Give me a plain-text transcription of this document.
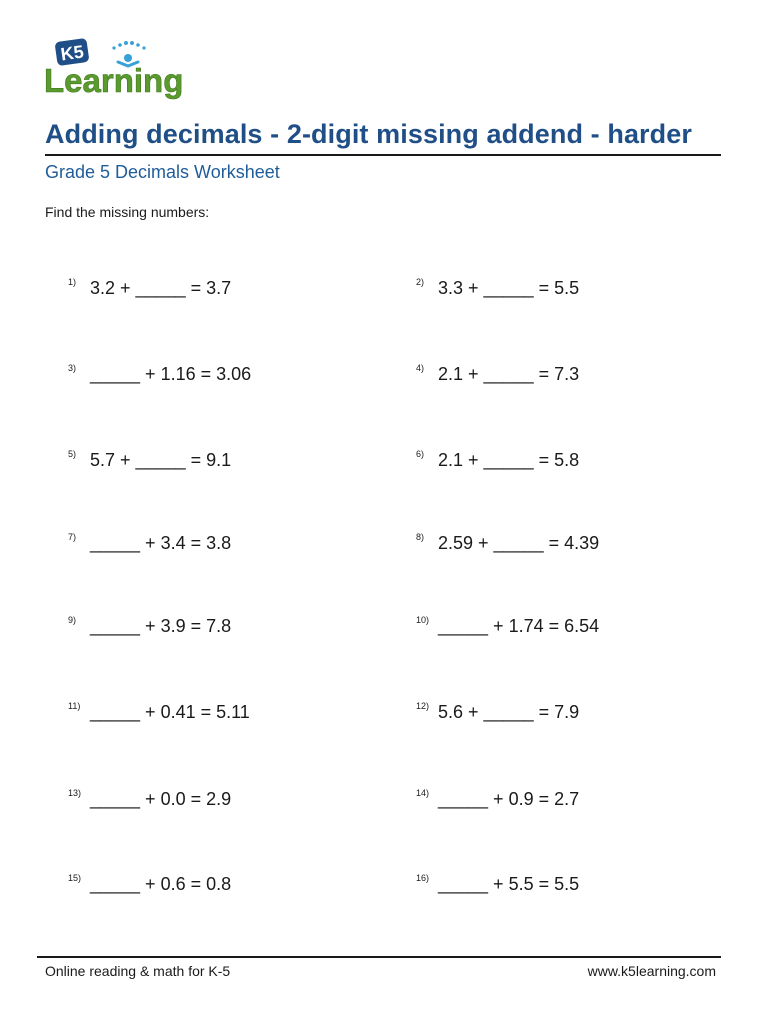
K5
Learning
Adding decimals - 2-digit missing addend - harder
Grade 5 Decimals Worksheet
Find the missing numbers:
1) 3.2 + _____ = 3.7	2) 3.3 + _____ = 5.5
3) _____ + 1.16 = 3.06	4) 2.1 + _____ = 7.3
5) 5.7 + _____ = 9.1	6) 2.1 + _____ = 5.8
7) _____ + 3.4 = 3.8	8) 2.59 + _____ = 4.39
9) _____ + 3.9 = 7.8	10) _____ + 1.74 = 6.54
11) _____ + 0.41 = 5.11	12) 5.6 + _____ = 7.9
13) _____ + 0.0 = 2.9	14) _____ + 0.9 = 2.7
15) _____ + 0.6 = 0.8	16) _____ + 5.5 = 5.5
Online reading & math for K-5	www.k5learning.com
